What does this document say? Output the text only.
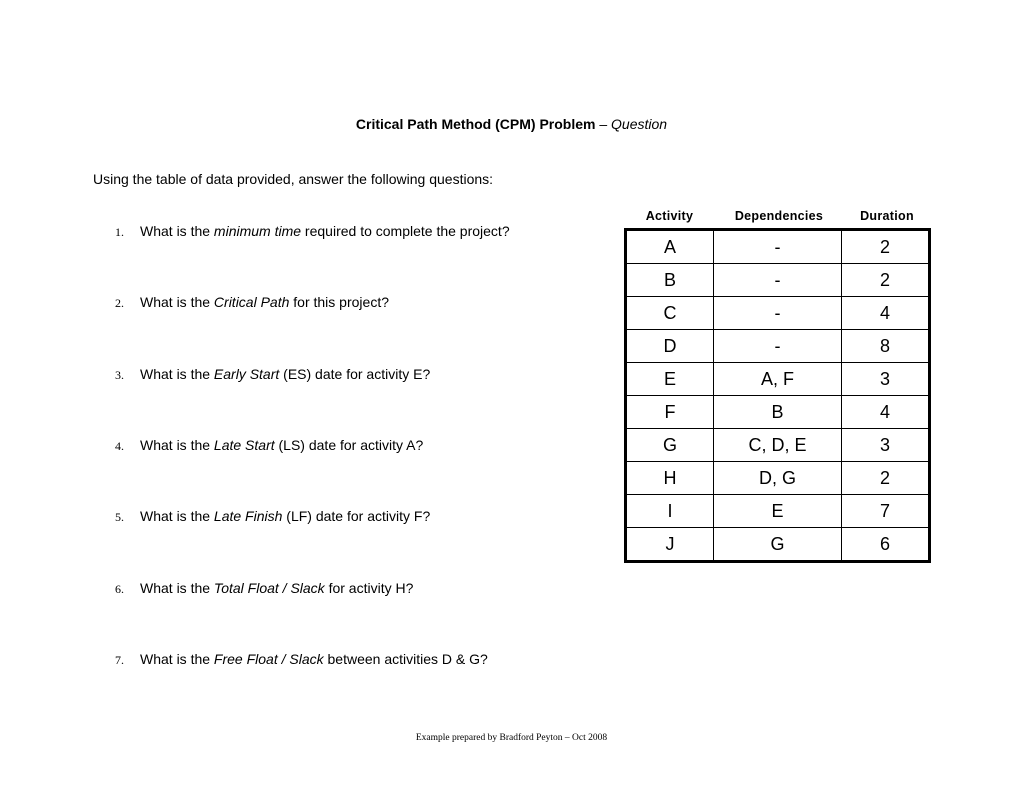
Critical Path Method (CPM) Problem – Question
Using the table of data provided, answer the following questions:
1. What is the minimum time required to complete the project?
2. What is the Critical Path for this project?
3. What is the Early Start (ES) date for activity E?
4. What is the Late Start (LS) date for activity A?
5. What is the Late Finish (LF) date for activity F?
6. What is the Total Float / Slack for activity H?
7. What is the Free Float / Slack between activities D & G?
Activity	Dependencies	Duration
A	-	2
B	-	2
C	-	4
D	-	8
E	A, F	3
F	B	4
G	C, D, E	3
H	D, G	2
I	E	7
J	G	6
Example prepared by Bradford Peyton – Oct 2008
